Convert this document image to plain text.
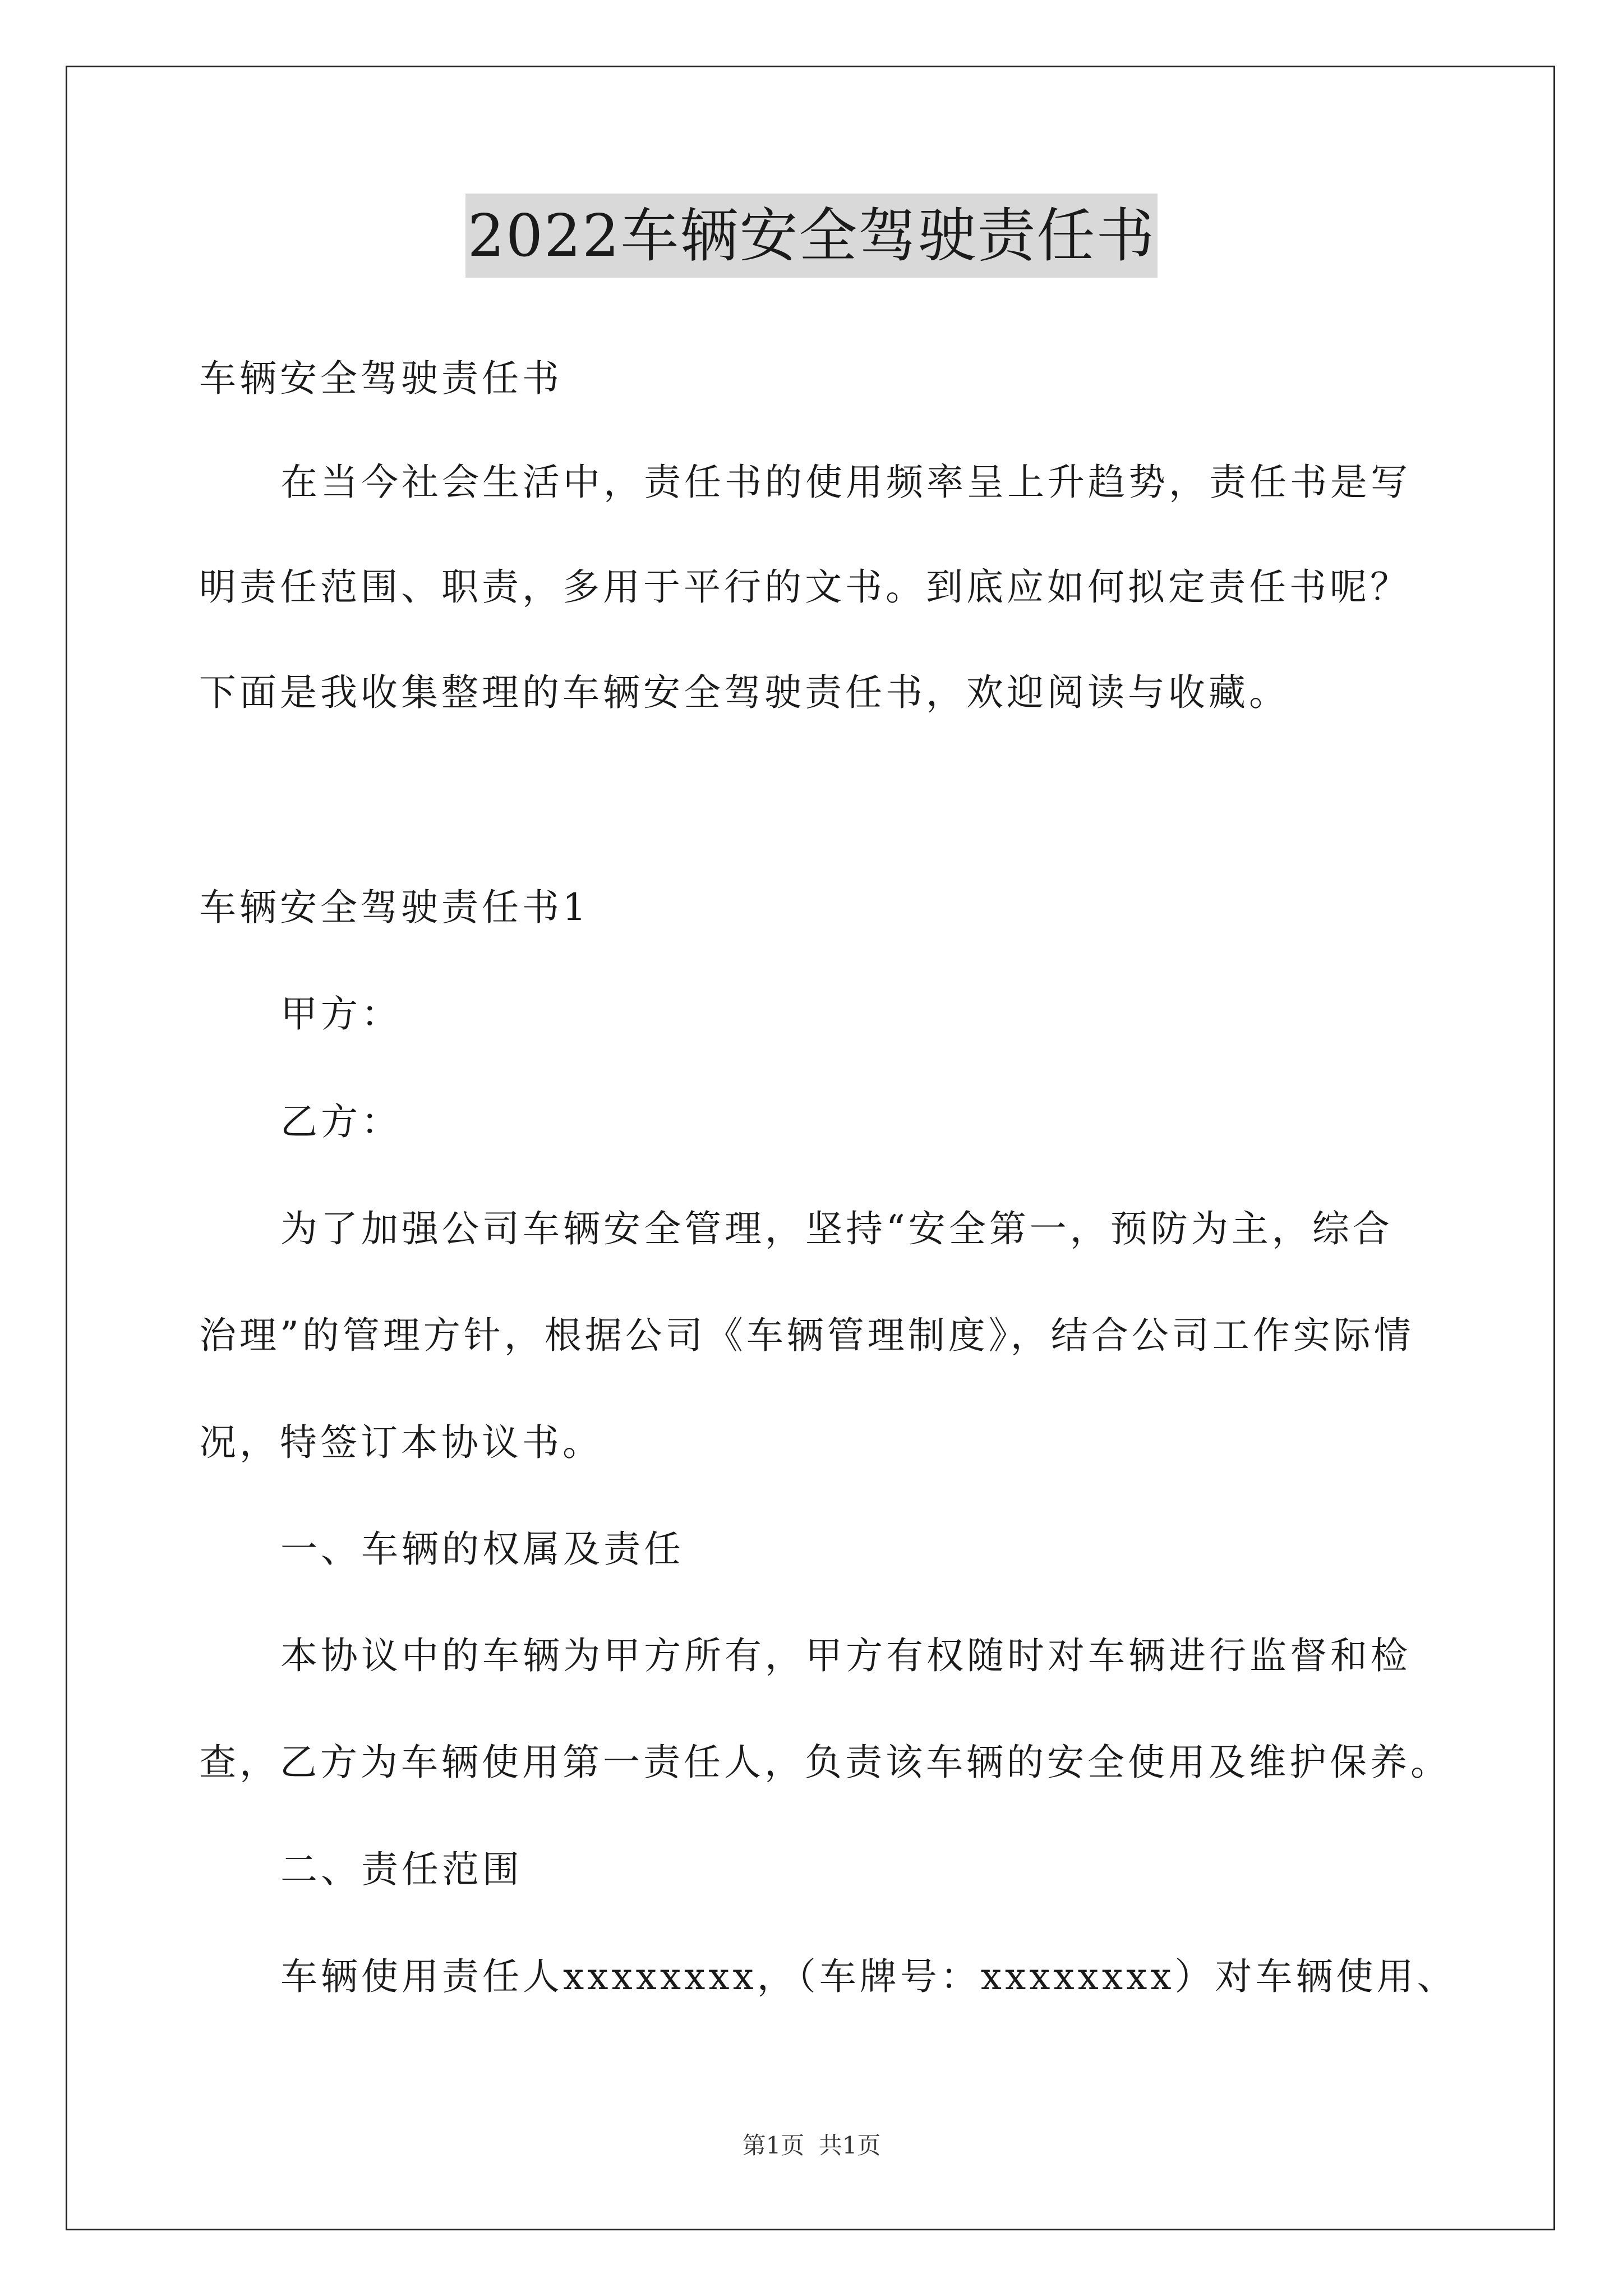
2022车辆安全驾驶责任书
车辆安全驾驶责任书
在当今社会生活中，责任书的使用频率呈上升趋势，责任书是写
明责任范围、职责，多用于平行的文书。到底应如何拟定责任书呢？
下面是我收集整理的车辆安全驾驶责任书，欢迎阅读与收藏。
车辆安全驾驶责任书1
甲方：
乙方：
为了加强公司车辆安全管理，坚持“安全第一，预防为主，综合
治理”的管理方针，根据公司《车辆管理制度》，结合公司工作实际情
况，特签订本协议书。
一、车辆的权属及责任
本协议中的车辆为甲方所有，甲方有权随时对车辆进行监督和检
查，乙方为车辆使用第一责任人，负责该车辆的安全使用及维护保养。
二、责任范围
车辆使用责任人xxxxxxxx，（车牌号：xxxxxxxx）对车辆使用、
第1页 共1页
